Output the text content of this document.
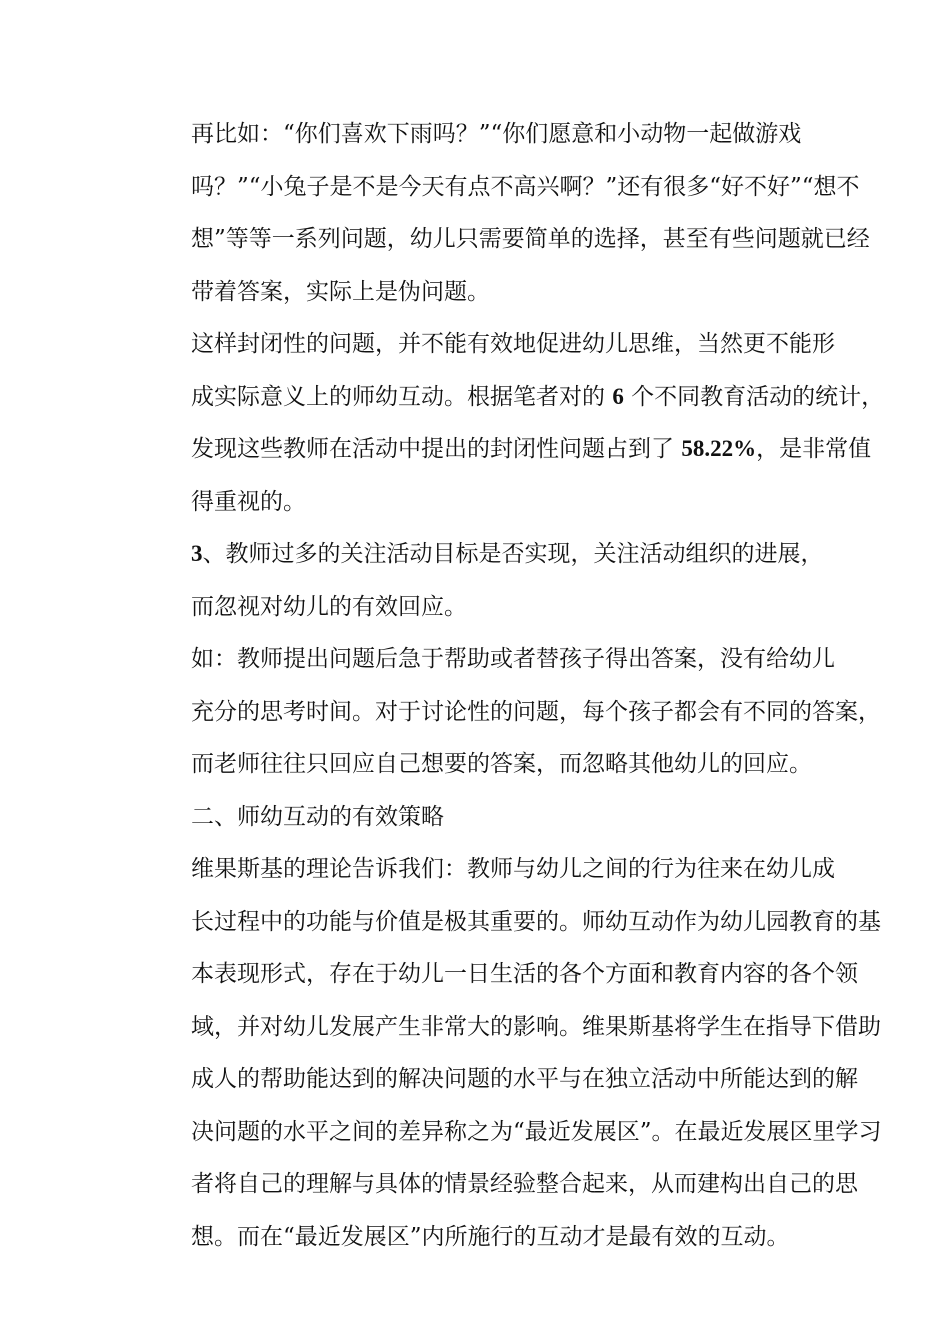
再比如：“你们喜欢下雨吗？”“你们愿意和小动物一起做游戏
吗？”“小兔子是不是今天有点不高兴啊？”还有很多“好不好”“想不
想”等等一系列问题，幼儿只需要简单的选择，甚至有些问题就已经
带着答案，实际上是伪问题。

这样封闭性的问题，并不能有效地促进幼儿思维，当然更不能形
成实际意义上的师幼互动。根据笔者对的 6 个不同教育活动的统计，
发现这些教师在活动中提出的封闭性问题占到了 58.22%，是非常值
得重视的。

3、教师过多的关注活动目标是否实现，关注活动组织的进展，
而忽视对幼儿的有效回应。

如：教师提出问题后急于帮助或者替孩子得出答案，没有给幼儿
充分的思考时间。对于讨论性的问题，每个孩子都会有不同的答案，
而老师往往只回应自己想要的答案，而忽略其他幼儿的回应。

二、师幼互动的有效策略

维果斯基的理论告诉我们：教师与幼儿之间的行为往来在幼儿成
长过程中的功能与价值是极其重要的。师幼互动作为幼儿园教育的基
本表现形式，存在于幼儿一日生活的各个方面和教育内容的各个领
域，并对幼儿发展产生非常大的影响。维果斯基将学生在指导下借助
成人的帮助能达到的解决问题的水平与在独立活动中所能达到的解
决问题的水平之间的差异称之为“最近发展区”。在最近发展区里学习
者将自己的理解与具体的情景经验整合起来，从而建构出自己的思
想。而在“最近发展区”内所施行的互动才是最有效的互动。
